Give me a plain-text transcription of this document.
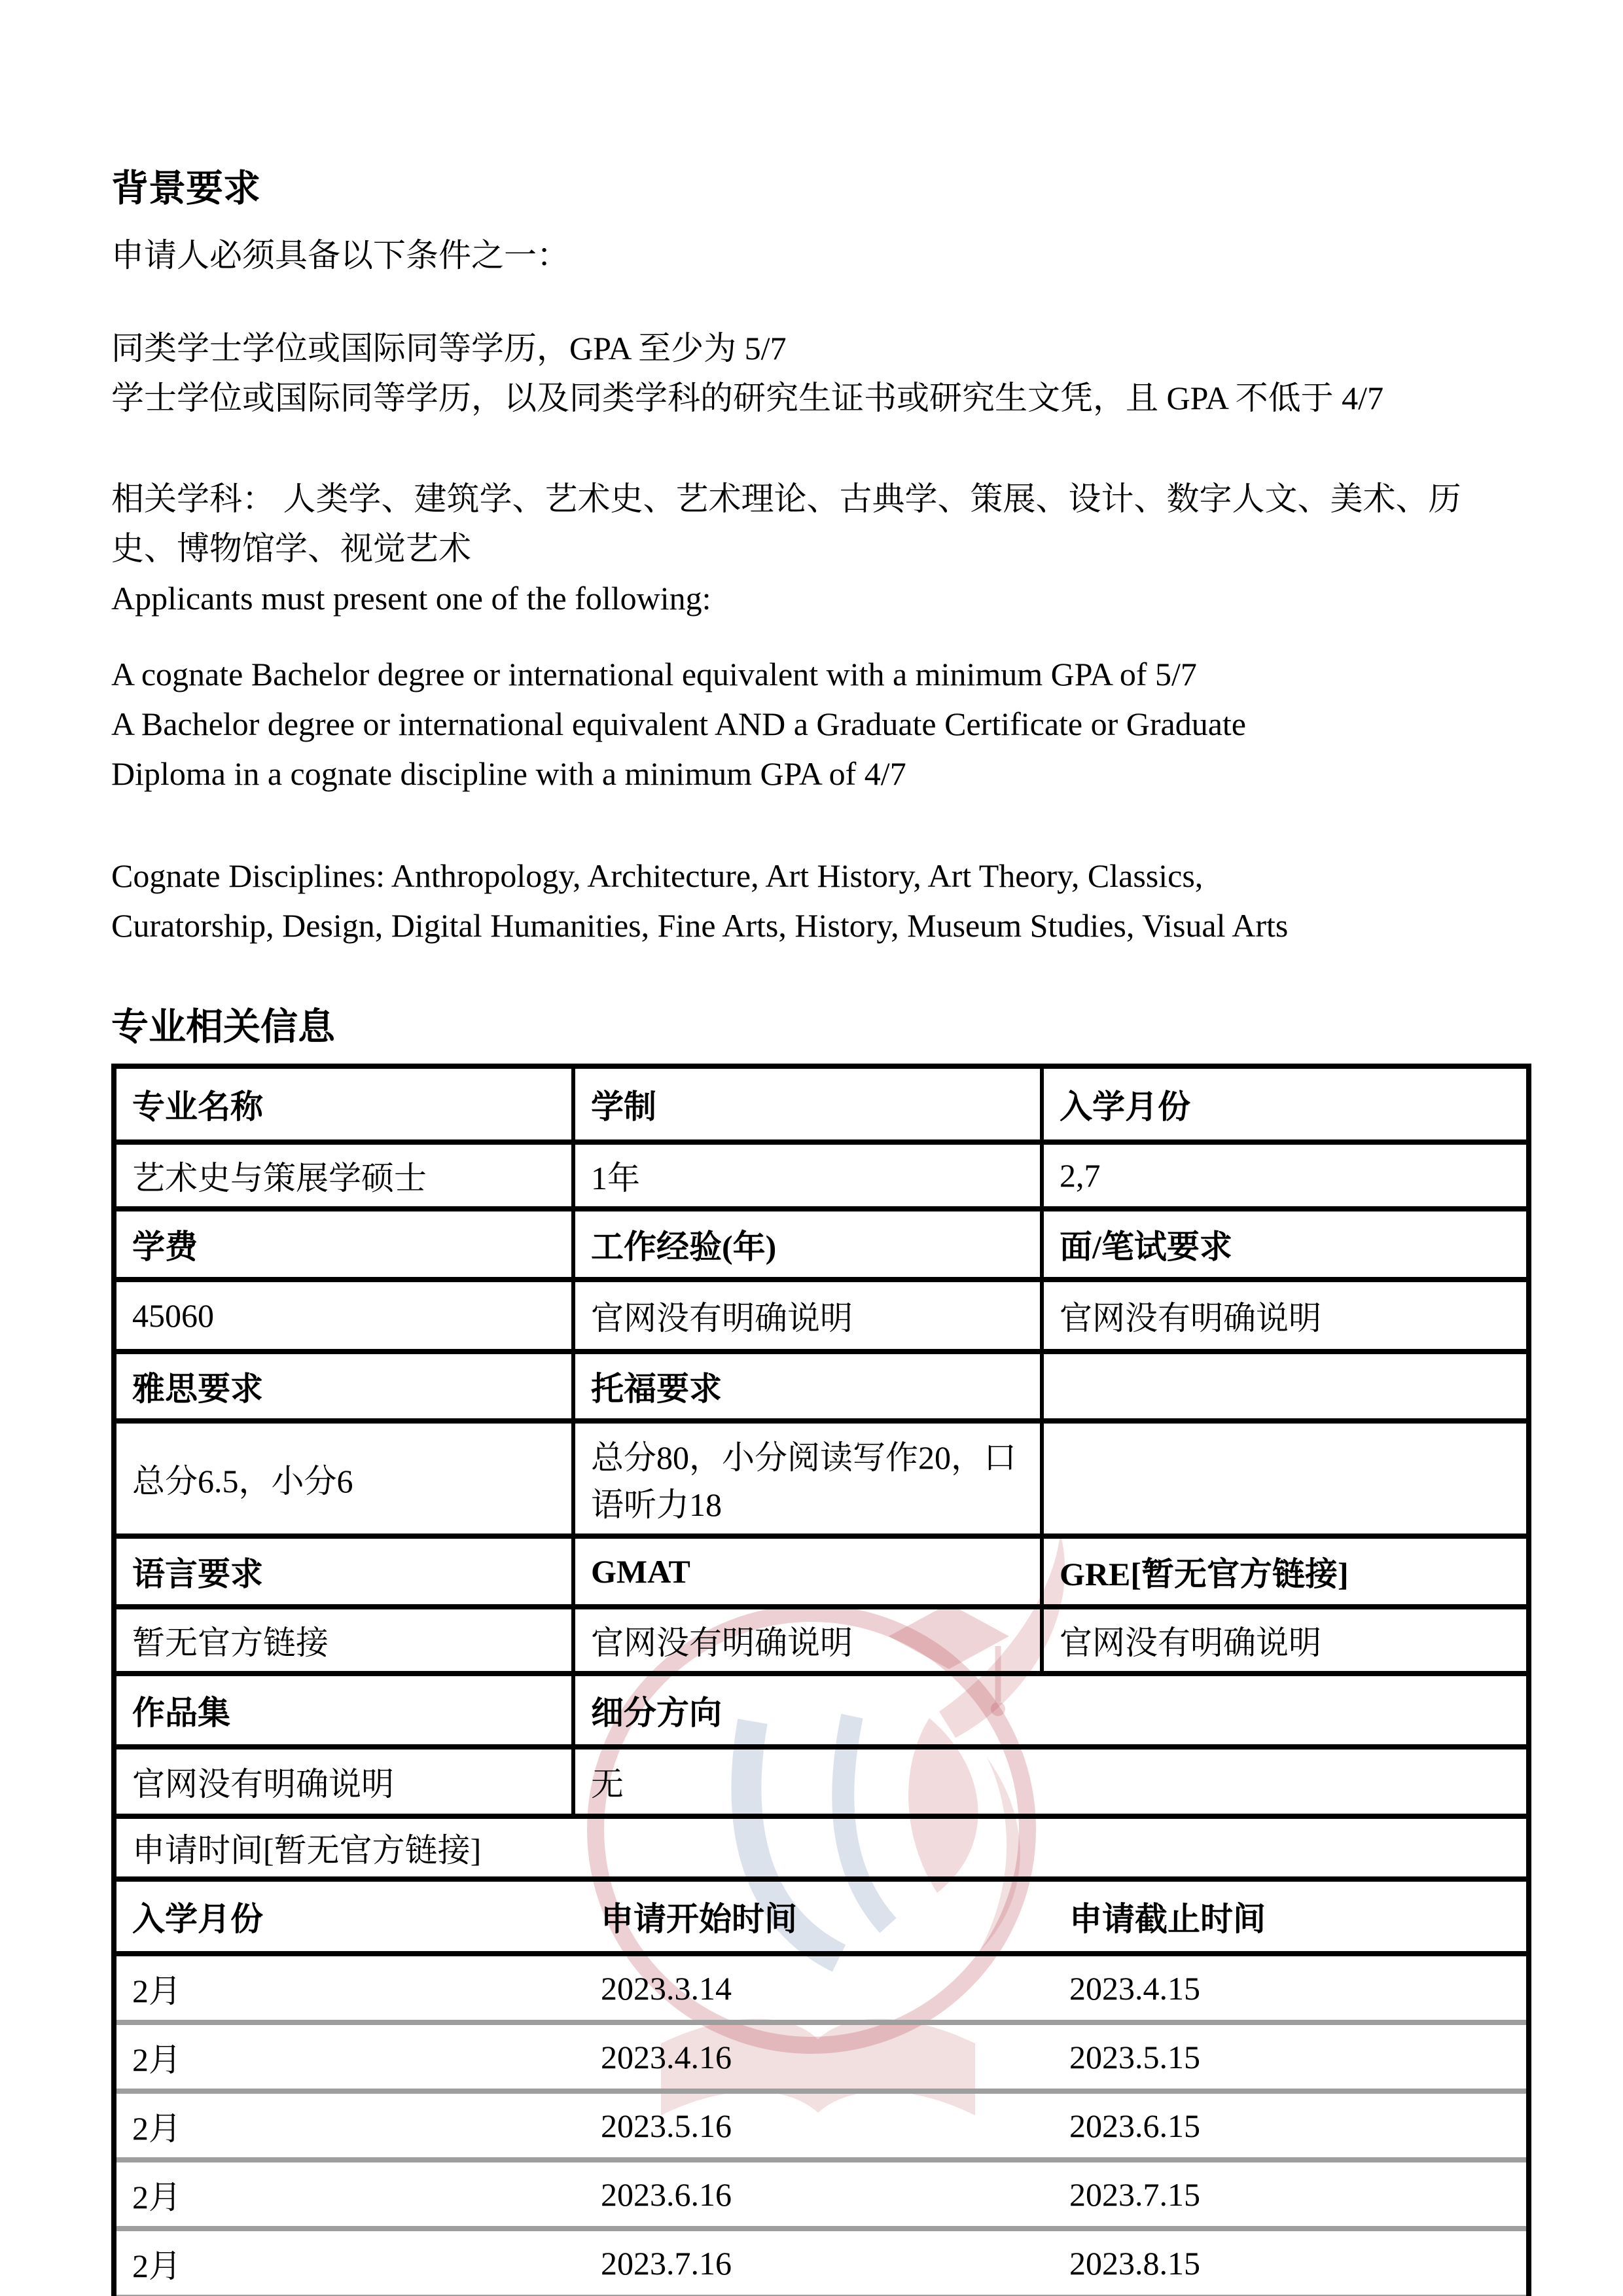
背景要求
申请人必须具备以下条件之一：
同类学士学位或国际同等学历，GPA 至少为 5/7
学士学位或国际同等学历，以及同类学科的研究生证书或研究生文凭，且 GPA 不低于 4/7
相关学科： 人类学、建筑学、艺术史、艺术理论、古典学、策展、设计、数字人文、美术、历
史、博物馆学、视觉艺术
Applicants must present one of the following:
A cognate Bachelor degree or international equivalent with a minimum GPA of 5/7
A Bachelor degree or international equivalent AND a Graduate Certificate or Graduate
Diploma in a cognate discipline with a minimum GPA of 4/7
Cognate Disciplines: Anthropology, Architecture, Art History, Art Theory, Classics,
Curatorship, Design, Digital Humanities, Fine Arts, History, Museum Studies, Visual Arts
专业相关信息
专业名称	学制	入学月份
艺术史与策展学硕士	1年	2,7
学费	工作经验(年)	面/笔试要求
45060	官网没有明确说明	官网没有明确说明
雅思要求	托福要求	
总分6.5，小分6	总分80，小分阅读写作20，口语听力18	
语言要求	GMAT	GRE[暂无官方链接]
暂无官方链接	官网没有明确说明	官网没有明确说明
作品集	细分方向	
官网没有明确说明	无	
申请时间[暂无官方链接]		
入学月份	申请开始时间	申请截止时间
2月	2023.3.14	2023.4.15
2月	2023.4.16	2023.5.15
2月	2023.5.16	2023.6.15
2月	2023.6.16	2023.7.15
2月	2023.7.16	2023.8.15
